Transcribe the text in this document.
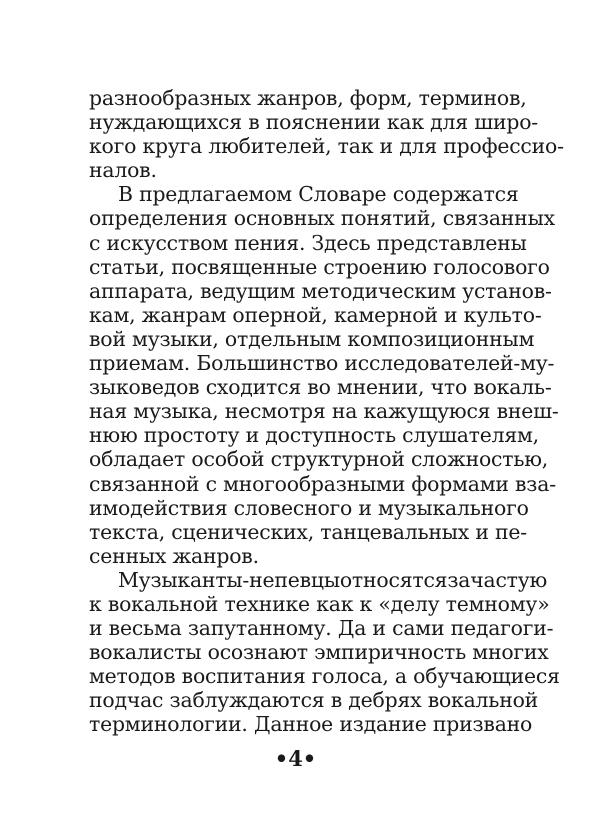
разнообразных жанров, форм, терминов,
нуждающихся в пояснении как для широ-
кого круга любителей, так и для професcио-
налов.
В предлагаемом Словаре содержатся
определения основных понятий, связанных
с искусством пения. Здесь представлены
статьи, посвященные строению голосового
аппарата, ведущим методическим установ-
кам, жанрам оперной, камерной и культо-
вой музыки, отдельным композиционным
приемам. Большинство исследователей-му-
зыковедов сходится во мнении, что вокаль-
ная музыка, несмотря на кажущуюся внеш-
нюю простоту и доступность слушателям,
обладает особой структурной сложностью,
связанной с многообразными формами вза-
имодействия словесного и музыкального
текста, сценических, танцевальных и пе-
сенных жанров.
Музыканты-непевцыотносятсязачастую
к вокальной технике как к «делу темному»
и весьма запутанному. Да и сами педагоги-
вокалисты осознают эмпиричность многих
методов воспитания голоса, а обучающиеся
подчас заблуждаются в дебрях вокальной
терминологии. Данное издание призвано
•4•
